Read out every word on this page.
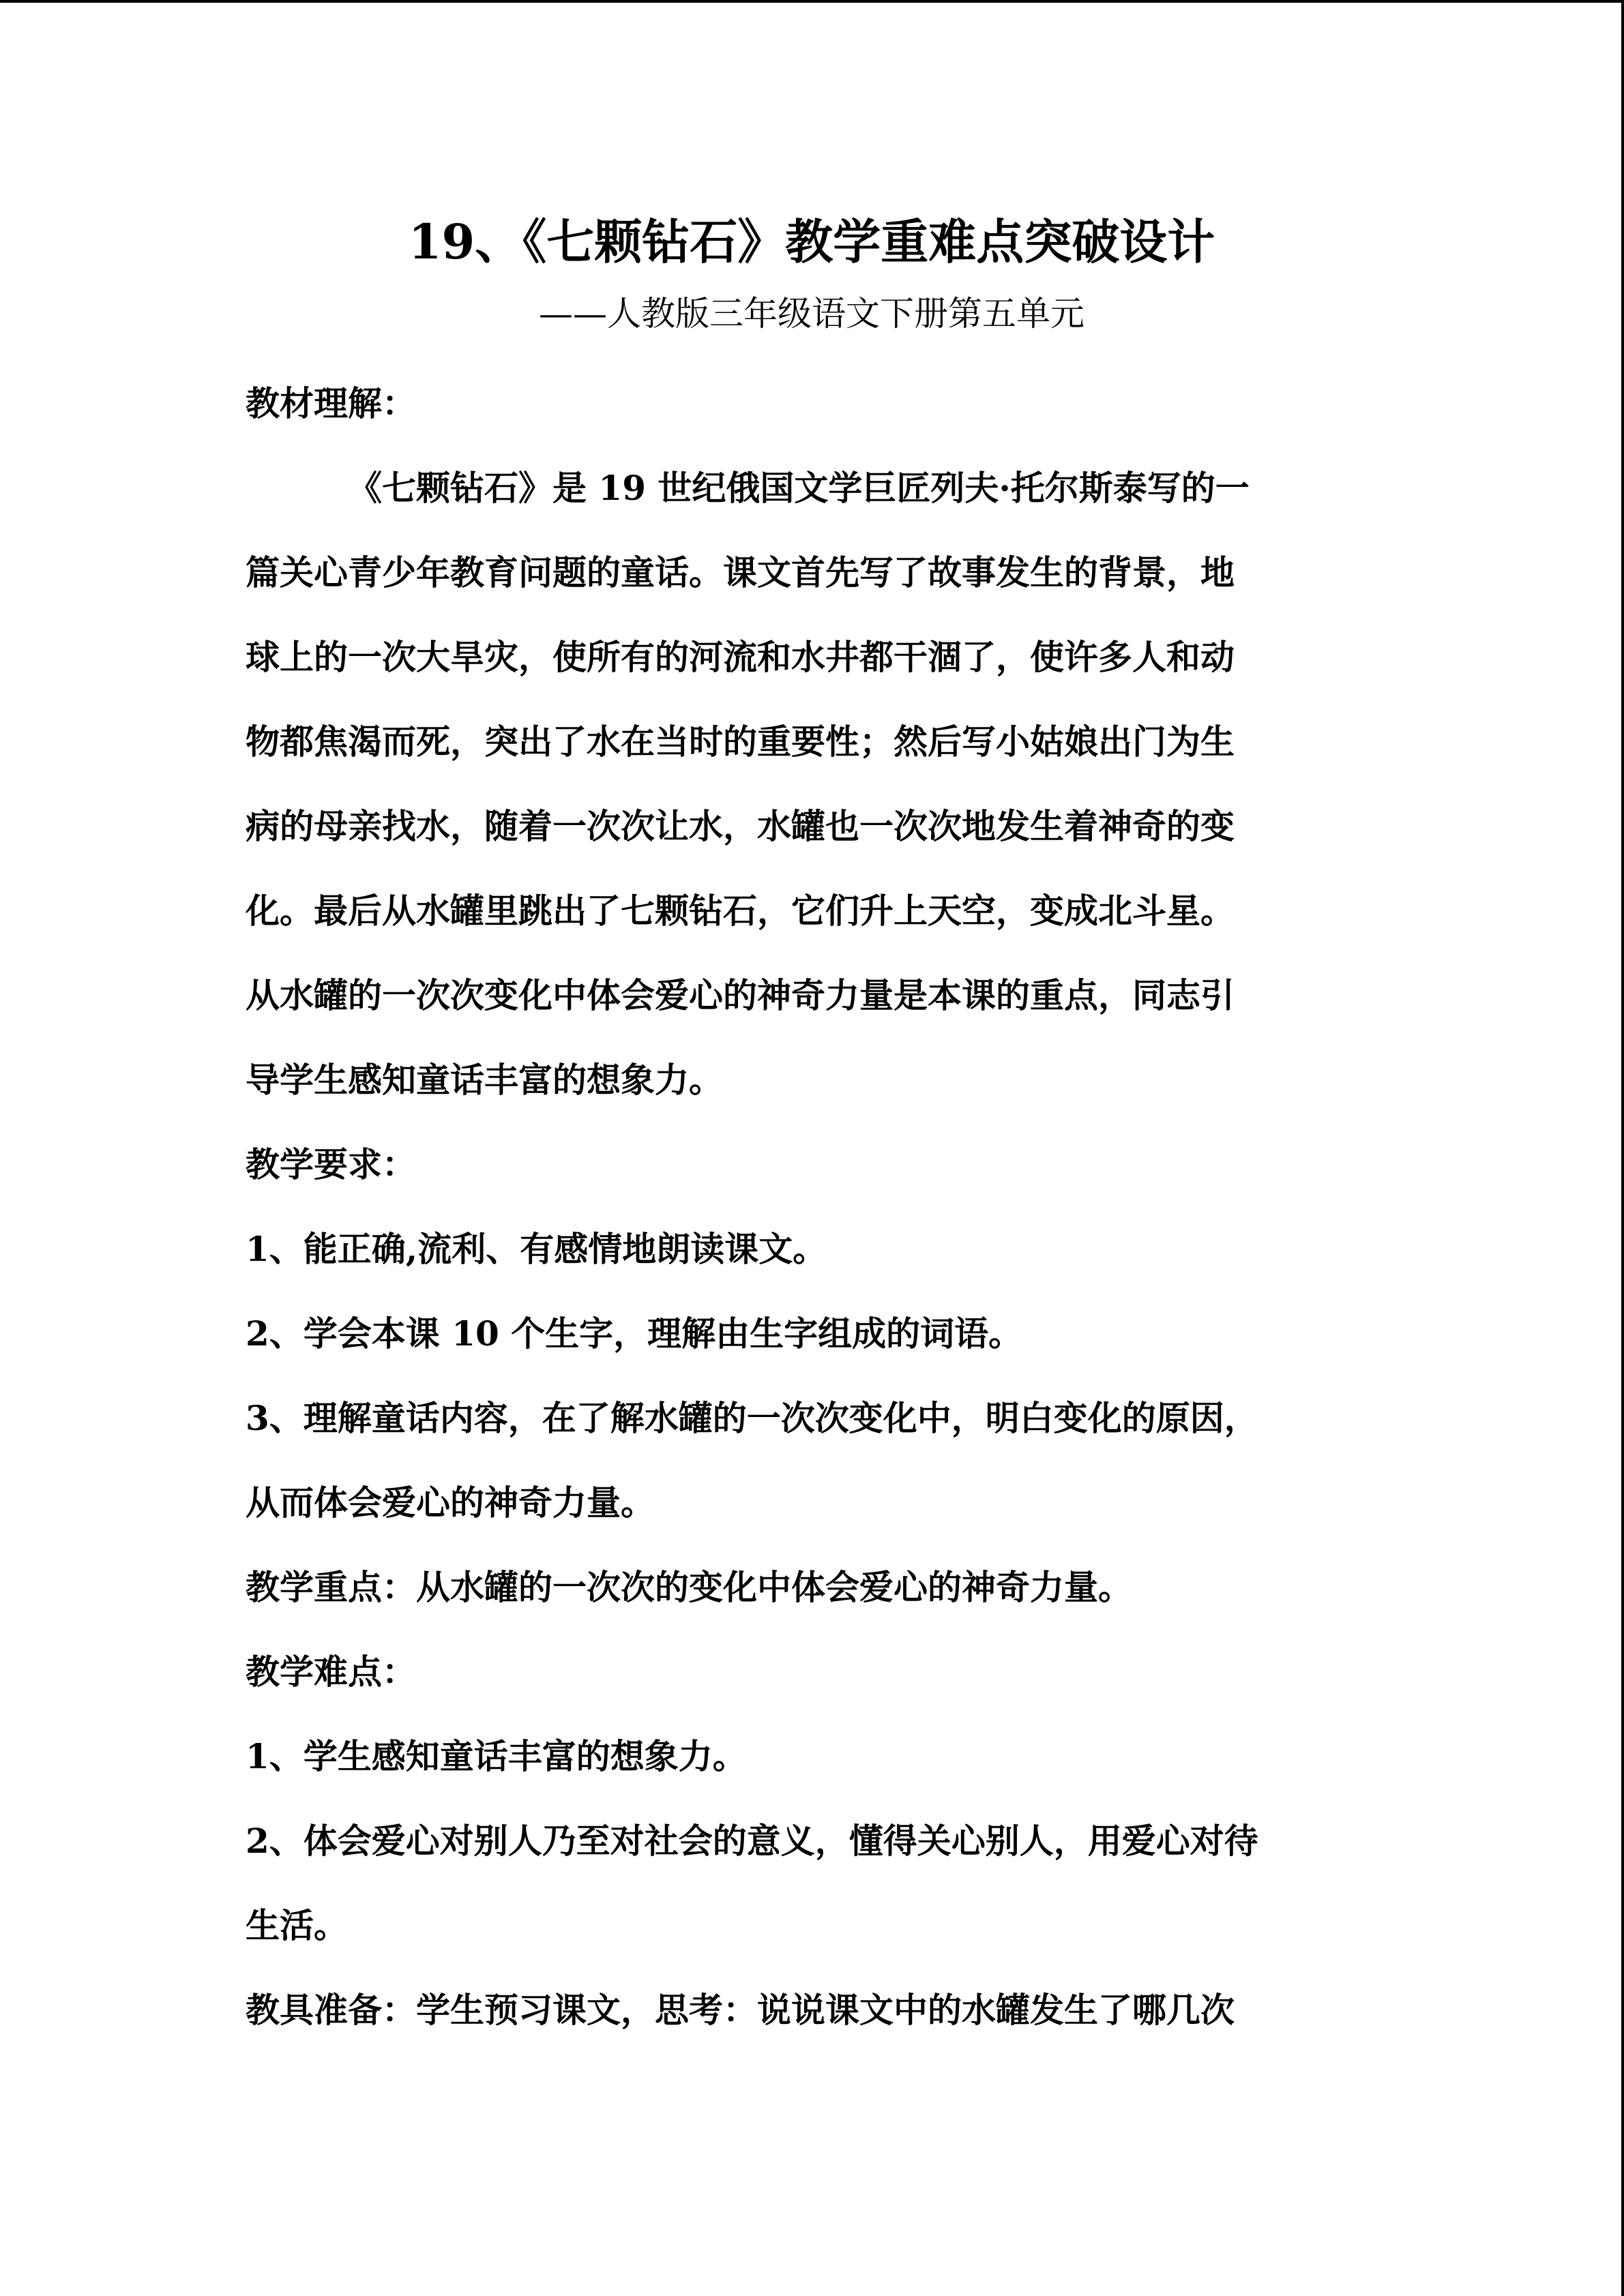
19、《七颗钻石》教学重难点突破设计
——人教版三年级语文下册第五单元

教材理解：

《七颗钻石》是 19 世纪俄国文学巨匠列夫·托尔斯泰写的一

篇关心青少年教育问题的童话。课文首先写了故事发生的背景，地

球上的一次大旱灾，使所有的河流和水井都干涸了，使许多人和动

物都焦渴而死，突出了水在当时的重要性；然后写小姑娘出门为生

病的母亲找水，随着一次次让水，水罐也一次次地发生着神奇的变

化。最后从水罐里跳出了七颗钻石，它们升上天空，变成北斗星。

从水罐的一次次变化中体会爱心的神奇力量是本课的重点，同志引

导学生感知童话丰富的想象力。

教学要求：

1、能正确,流利、有感情地朗读课文。

2、学会本课 10 个生字，理解由生字组成的词语。

3、理解童话内容，在了解水罐的一次次变化中，明白变化的原因，

从而体会爱心的神奇力量。

教学重点：从水罐的一次次的变化中体会爱心的神奇力量。

教学难点：

1、学生感知童话丰富的想象力。

2、体会爱心对别人乃至对社会的意义，懂得关心别人，用爱心对待

生活。

教具准备：学生预习课文，思考：说说课文中的水罐发生了哪几次
